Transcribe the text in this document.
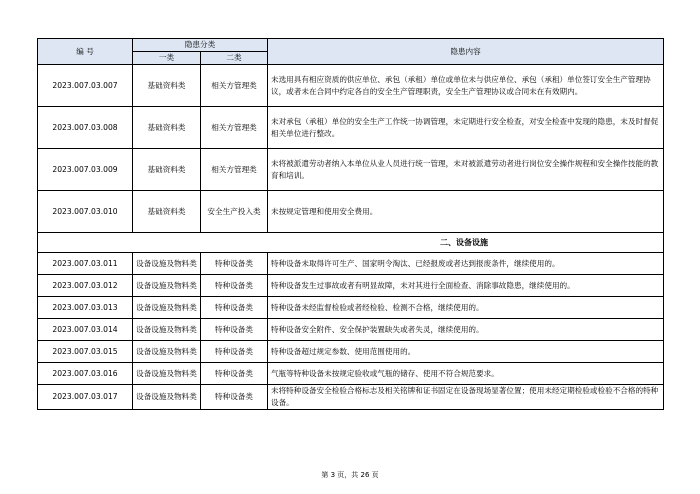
编 号	隐患分类		隐患内容
	一类	二类	
2023.007.03.007	基础资料类	相关方管理类	未选用具有相应资质的供应单位、承包（承租）单位或单位未与供应单位、承包（承租）单位签订安全生产管理协议，或者未在合同中约定各自的安全生产管理职责，安全生产管理协议或合同未在有效期内。
2023.007.03.008	基础资料类	相关方管理类	未对承包（承租）单位的安全生产工作统一协调管理，未定期进行安全检查，对安全检查中发现的隐患，未及时督促相关单位进行整改。
2023.007.03.009	基础资料类	相关方管理类	未将被派遣劳动者纳入本单位从业人员进行统一管理，未对被派遣劳动者进行岗位安全操作规程和安全操作技能的教育和培训。
2023.007.03.010	基础资料类	安全生产投入类	未按规定管理和使用安全费用。
二、设备设施			
2023.007.03.011	设备设施及物料类	特种设备类	特种设备未取得许可生产、国家明令淘汰、已经报废或者达到报废条件，继续使用的。
2023.007.03.012	设备设施及物料类	特种设备类	特种设备发生过事故或者有明显故障，未对其进行全面检查、消除事故隐患，继续使用的。
2023.007.03.013	设备设施及物料类	特种设备类	特种设备未经监督检验或者经检验、检测不合格，继续使用的。
2023.007.03.014	设备设施及物料类	特种设备类	特种设备安全附件、安全保护装置缺失或者失灵，继续使用的。
2023.007.03.015	设备设施及物料类	特种设备类	特种设备超过规定参数、使用范围使用的。
2023.007.03.016	设备设施及物料类	特种设备类	气瓶等特种设备未按规定验收或气瓶的储存、使用不符合规范要求。
2023.007.03.017	设备设施及物料类	特种设备类	未将特种设备安全检验合格标志及相关铭牌和证书固定在设备现场显著位置；使用未经定期检验或检验不合格的特种设备。
第 3 页，共 26 页
